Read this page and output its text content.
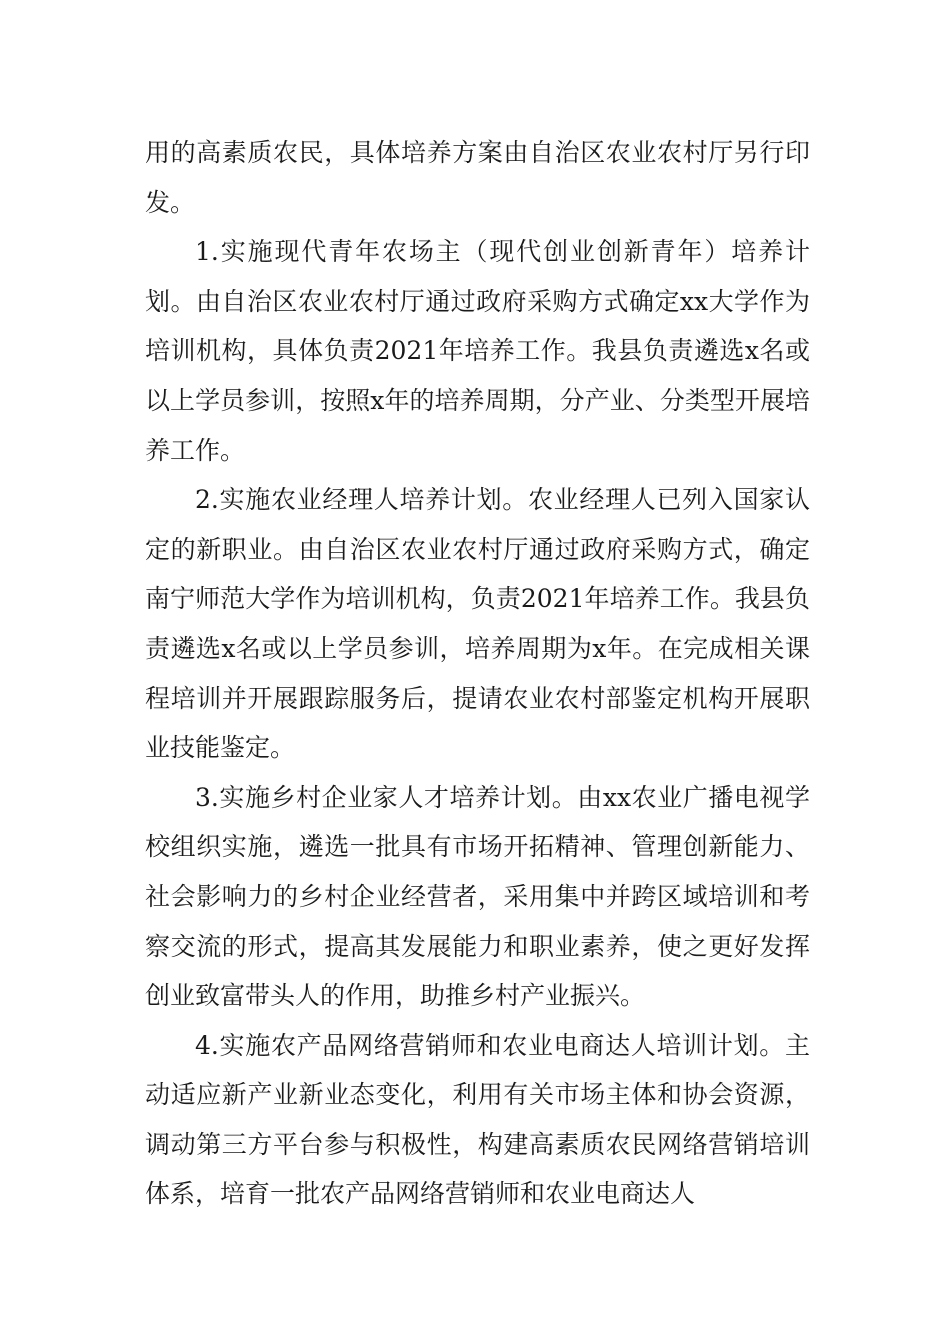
用的高素质农民，具体培养方案由自治区农业农村厅另行印发。

1.实施现代青年农场主（现代创业创新青年）培养计划。由自治区农业农村厅通过政府采购方式确定xx大学作为培训机构，具体负责2021年培养工作。我县负责遴选x名或以上学员参训，按照x年的培养周期，分产业、分类型开展培养工作。

2.实施农业经理人培养计划。农业经理人已列入国家认定的新职业。由自治区农业农村厅通过政府采购方式，确定南宁师范大学作为培训机构，负责2021年培养工作。我县负责遴选x名或以上学员参训，培养周期为x年。在完成相关课程培训并开展跟踪服务后，提请农业农村部鉴定机构开展职业技能鉴定。

3.实施乡村企业家人才培养计划。由xx农业广播电视学校组织实施，遴选一批具有市场开拓精神、管理创新能力、社会影响力的乡村企业经营者，采用集中并跨区域培训和考察交流的形式，提高其发展能力和职业素养，使之更好发挥创业致富带头人的作用，助推乡村产业振兴。

4.实施农产品网络营销师和农业电商达人培训计划。主动适应新产业新业态变化，利用有关市场主体和协会资源，调动第三方平台参与积极性，构建高素质农民网络营销培训体系，培育一批农产品网络营销师和农业电商达人
